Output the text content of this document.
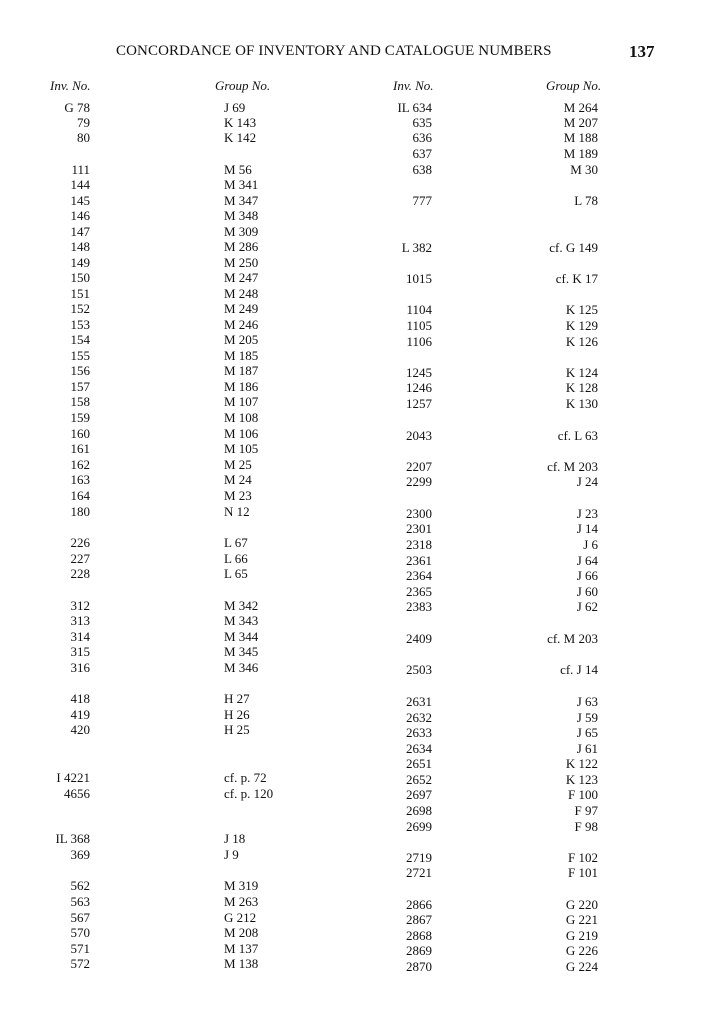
CONCORDANCE OF INVENTORY AND CATALOGUE NUMBERS	137
Inv. No.	Group No.	Inv. No.	Group No.
G 78	J 69
79	K 143
80	K 142
111	M 56
144	M 341
145	M 347
146	M 348
147	M 309
148	M 286
149	M 250
150	M 247
151	M 248
152	M 249
153	M 246
154	M 205
155	M 185
156	M 187
157	M 186
158	M 107
159	M 108
160	M 106
161	M 105
162	M 25
163	M 24
164	M 23
180	N 12
226	L 67
227	L 66
228	L 65
312	M 342
313	M 343
314	M 344
315	M 345
316	M 346
418	H 27
419	H 26
420	H 25
I 4221	cf. p. 72
4656	cf. p. 120
IL 368	J 18
369	J 9
562	M 319
563	M 263
567	G 212
570	M 208
571	M 137
572	M 138
IL 634	M 264
635	M 207
636	M 188
637	M 189
638	M 30
777	L 78
L 382	cf. G 149
1015	cf. K 17
1104	K 125
1105	K 129
1106	K 126
1245	K 124
1246	K 128
1257	K 130
2043	cf. L 63
2207	cf. M 203
2299	J 24
2300	J 23
2301	J 14
2318	J 6
2361	J 64
2364	J 66
2365	J 60
2383	J 62
2409	cf. M 203
2503	cf. J 14
2631	J 63
2632	J 59
2633	J 65
2634	J 61
2651	K 122
2652	K 123
2697	F 100
2698	F 97
2699	F 98
2719	F 102
2721	F 101
2866	G 220
2867	G 221
2868	G 219
2869	G 226
2870	G 224
